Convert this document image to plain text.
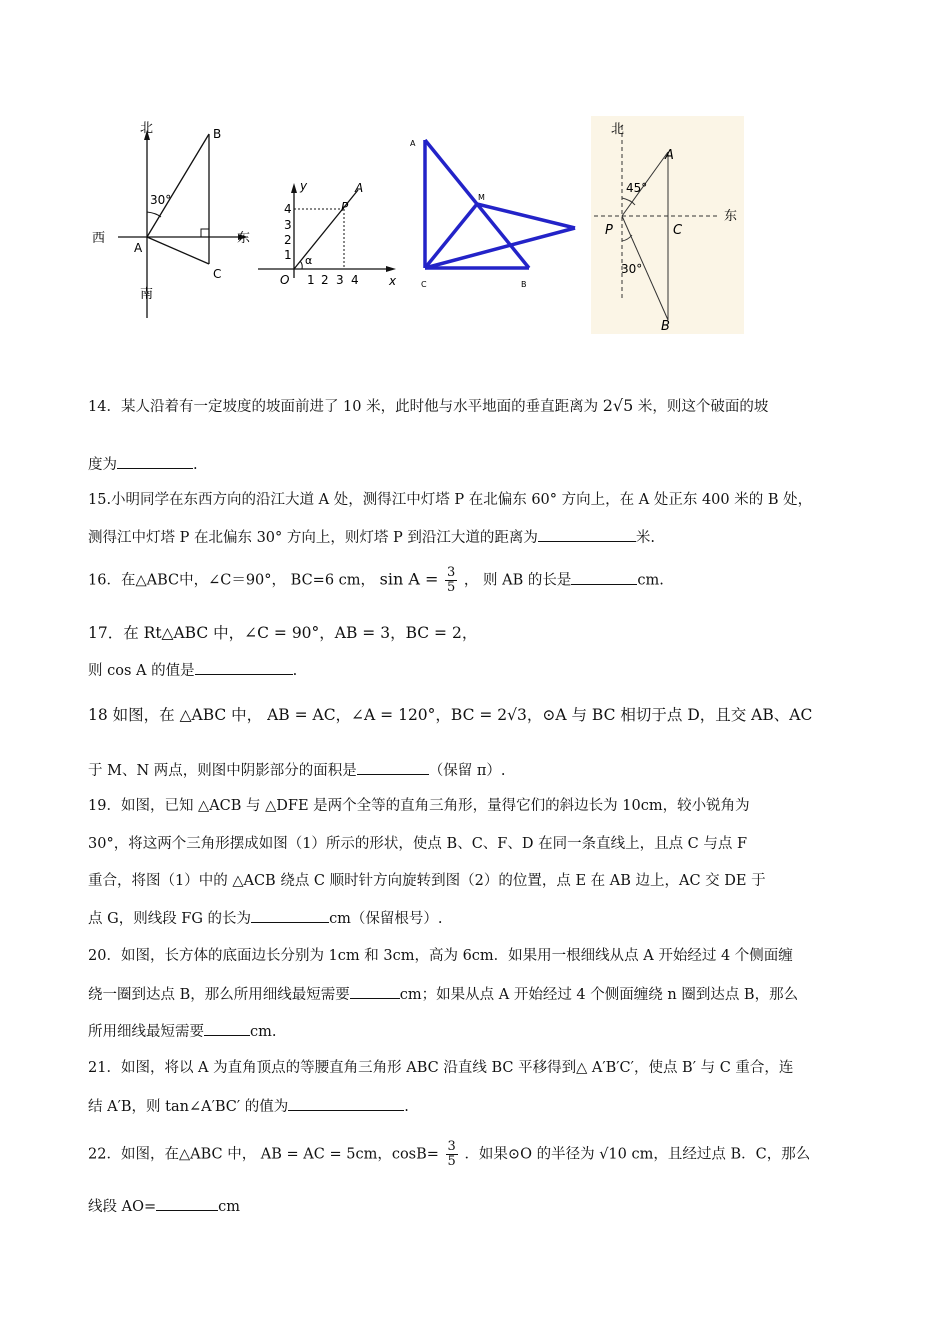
北	B
30°
西
A
东
C
南
y	A
P
4
3
2
1 α
O 1 2 3 4	x
A
M
C	B
北
A
45°
东
P	C
30°
B
14．某人沿着有一定坡度的坡面前进了 10 米，此时他与水平地面的垂直距离为 2√5 米，则这个破面的坡
度为	.
15.小明同学在东西方向的沿江大道 A 处，测得江中灯塔 P 在北偏东 60° 方向上，在 A 处正东 400 米的 B 处，
测得江中灯塔 P 在北偏东 30° 方向上，则灯塔 P 到沿江大道的距离为	米.
16．在△ABC中，∠C＝90°， BC=6 cm， $\sin A = \frac{3}{5}$ ， 则 AB 的长是	cm.
17．在 Rt△ABC 中，∠C = 90°，AB = 3，BC = 2，
则 cos A 的值是	.
18 如图，在 △ABC 中， AB = AC，∠A = 120°，BC = 2√3，⊙A 与 BC 相切于点 D，且交 AB、AC
于 M、N 两点，则图中阴影部分的面积是	（保留 π）.
19．如图，已知 △ACB 与 △DFE 是两个全等的直角三角形，量得它们的斜边长为 10cm，较小锐角为
30°，将这两个三角形摆成如图（1）所示的形状，使点 B、C、F、D 在同一条直线上，且点 C 与点 F
重合，将图（1）中的 △ACB 绕点 C 顺时针方向旋转到图（2）的位置，点 E 在 AB 边上，AC 交 DE 于
点 G，则线段 FG 的长为	cm（保留根号）.
20．如图，长方体的底面边长分别为 1cm 和 3cm，高为 6cm．如果用一根细线从点 A 开始经过 4 个侧面缠
绕一圈到达点 B，那么所用细线最短需要	cm；如果从点 A 开始经过 4 个侧面缠绕 n 圈到达点 B，那么
所用细线最短需要	cm.
21．如图，将以 A 为直角顶点的等腰直角三角形 ABC 沿直线 BC 平移得到△ A′B′C′，使点 B′ 与 C 重合，连
结 A′B，则 tan∠A′BC′ 的值为	.
22．如图，在△ABC 中， AB = AC = 5cm，$\cos B= \frac{3}{5}$ ．如果⊙O 的半径为 √10 cm，且经过点 B．C，那么
线段 AO=	cm
